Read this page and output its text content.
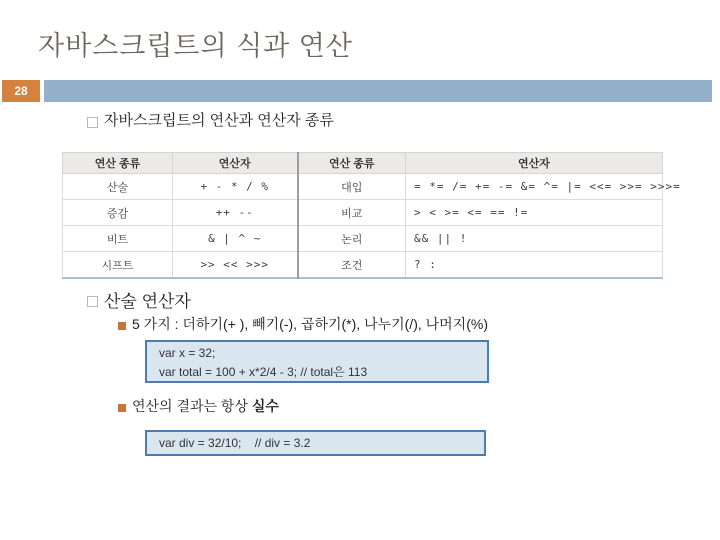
자바스크립트의 식과 연산
28
자바스크립트의 연산과 연산자 종류
연산 종류	연산자	연산 종류	연산자
산술	+ - * / %	대입	= *= /= += -= &= ^= |= <<= >>= >>>=
증감	++ --	비교	> < >= <= == !=
비트	& | ^ ~	논리	&& || !
시프트	>> << >>>	조건	? :
산술 연산자
5 가지 : 더하기(+ ), 빼기(-), 곱하기(*), 나누기(/), 나머지(%)
var x = 32;
var total = 100 + x*2/4 - 3; // total은 113
연산의 결과는 항상 실수
var div = 32/10;    // div = 3.2
